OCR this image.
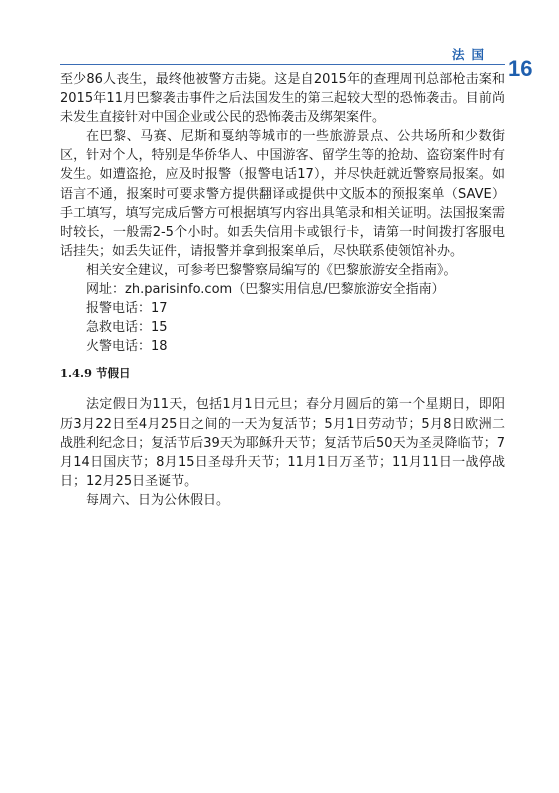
法国
16

至少86人丧生，最终他被警方击毙。这是自2015年的查理周刊总部枪击案和2015年11月巴黎袭击事件之后法国发生的第三起较大型的恐怖袭击。目前尚未发生直接针对中国企业或公民的恐怖袭击及绑架案件。

在巴黎、马赛、尼斯和戛纳等城市的一些旅游景点、公共场所和少数街区，针对个人，特别是华侨华人、中国游客、留学生等的抢劫、盗窃案件时有发生。如遭盗抢，应及时报警（报警电话17），并尽快赶就近警察局报案。如语言不通，报案时可要求警方提供翻译或提供中文版本的预报案单（SAVE）手工填写，填写完成后警方可根据填写内容出具笔录和相关证明。法国报案需时较长，一般需2-5个小时。如丢失信用卡或银行卡，请第一时间拨打客服电话挂失；如丢失证件，请报警并拿到报案单后，尽快联系使领馆补办。

相关安全建议，可参考巴黎警察局编写的《巴黎旅游安全指南》。

网址：zh.parisinfo.com（巴黎实用信息/巴黎旅游安全指南）

报警电话：17

急救电话：15

火警电话：18

1.4.9 节假日

法定假日为11天，包括1月1日元旦；春分月圆后的第一个星期日，即阳历3月22日至4月25日之间的一天为复活节；5月1日劳动节；5月8日欧洲二战胜利纪念日；复活节后39天为耶稣升天节；复活节后50天为圣灵降临节；7月14日国庆节；8月15日圣母升天节；11月1日万圣节；11月11日一战停战日；12月25日圣诞节。

每周六、日为公休假日。
